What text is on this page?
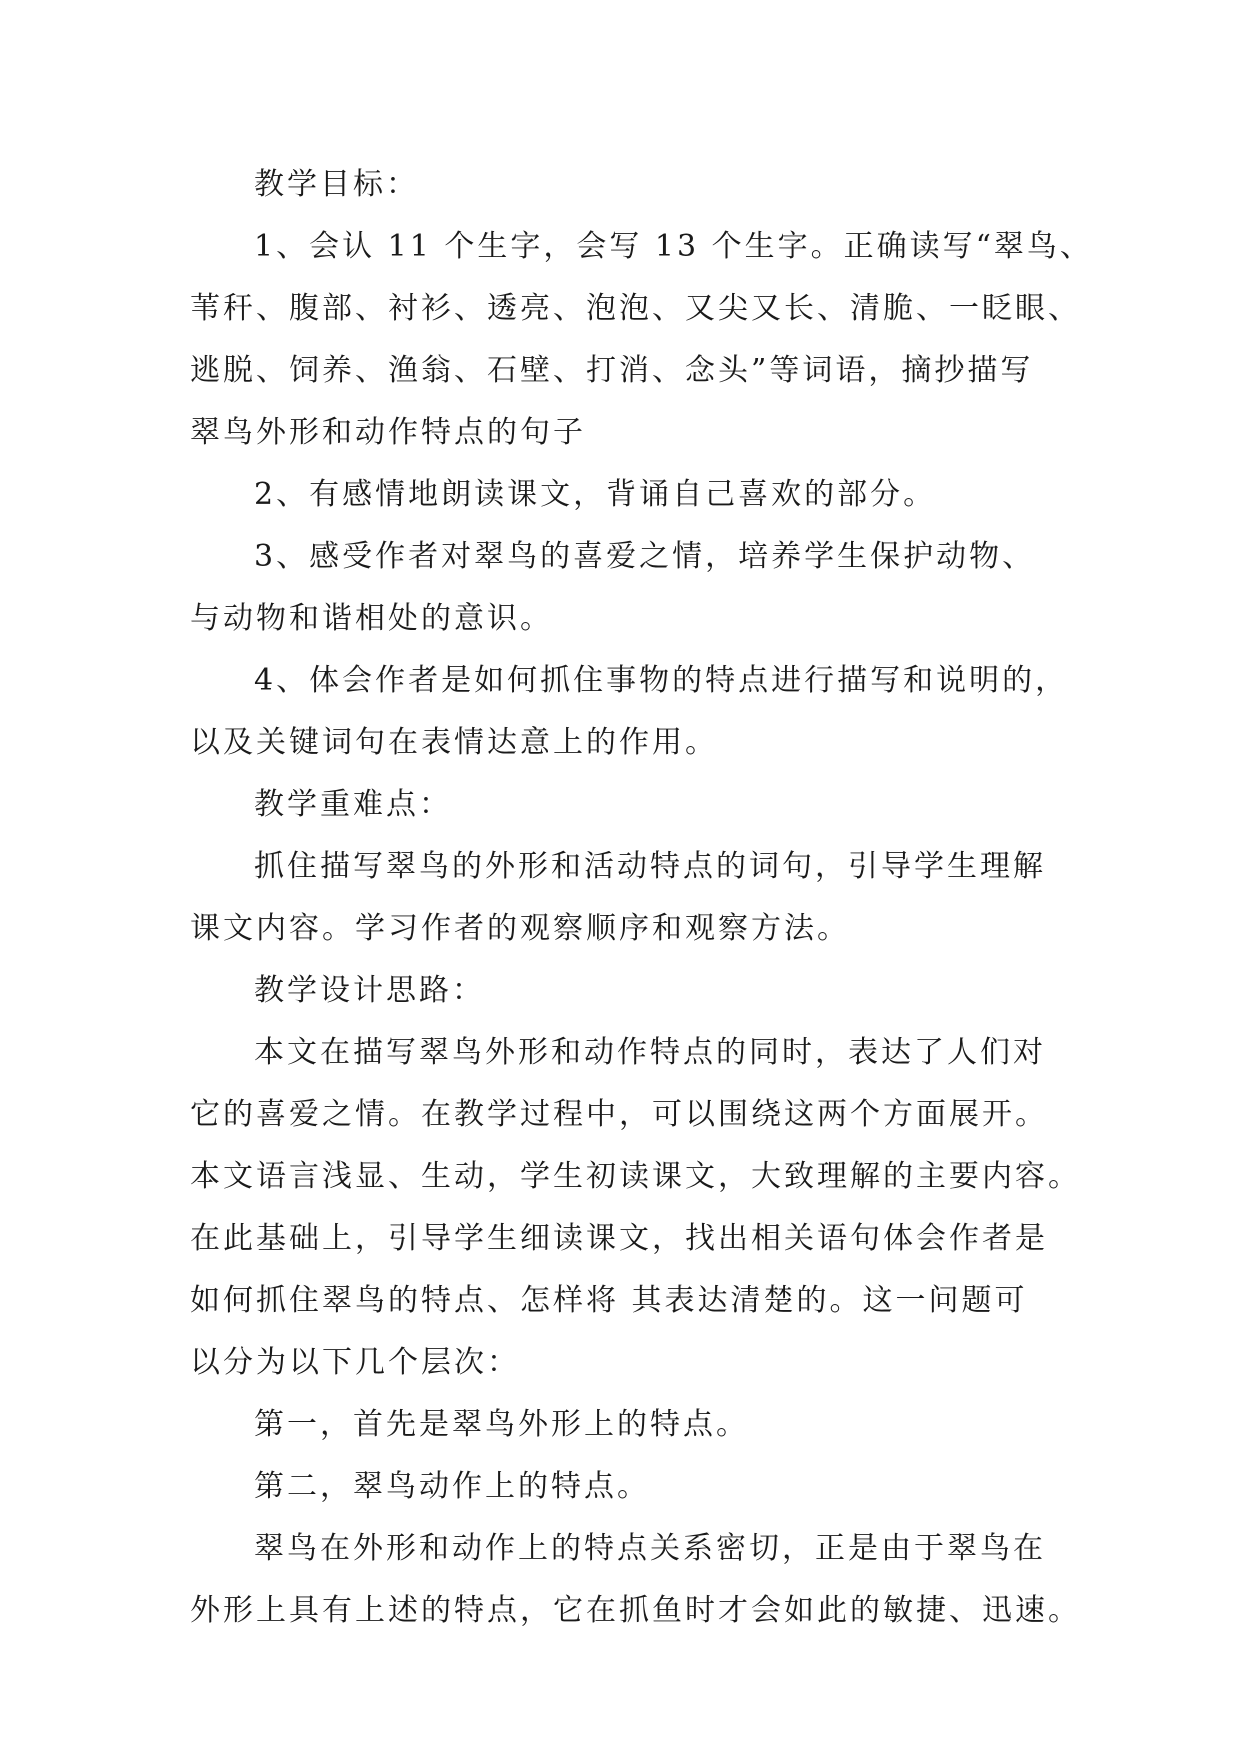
教学目标：
1、会认 11 个生字，会写 13 个生字。正确读写“翠鸟、
苇秆、腹部、衬衫、透亮、泡泡、又尖又长、清脆、一眨眼、
逃脱、饲养、渔翁、石壁、打消、念头”等词语，摘抄描写
翠鸟外形和动作特点的句子
2、有感情地朗读课文，背诵自己喜欢的部分。
3、感受作者对翠鸟的喜爱之情，培养学生保护动物、
与动物和谐相处的意识。
4、体会作者是如何抓住事物的特点进行描写和说明的，
以及关键词句在表情达意上的作用。
教学重难点：
抓住描写翠鸟的外形和活动特点的词句，引导学生理解
课文内容。学习作者的观察顺序和观察方法。
教学设计思路：
本文在描写翠鸟外形和动作特点的同时，表达了人们对
它的喜爱之情。在教学过程中，可以围绕这两个方面展开。
本文语言浅显、生动，学生初读课文，大致理解的主要内容。
在此基础上，引导学生细读课文，找出相关语句体会作者是
如何抓住翠鸟的特点、怎样将 其表达清楚的。这一问题可
以分为以下几个层次：
第一，首先是翠鸟外形上的特点。
第二，翠鸟动作上的特点。
翠鸟在外形和动作上的特点关系密切，正是由于翠鸟在
外形上具有上述的特点，它在抓鱼时才会如此的敏捷、迅速。
